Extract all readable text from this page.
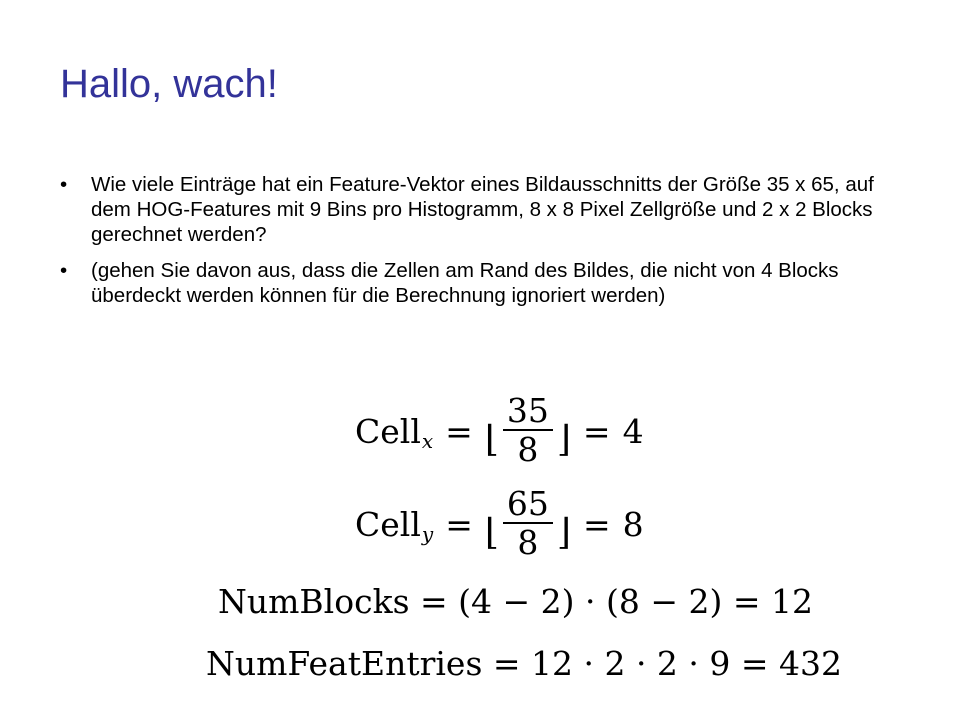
Hallo, wach!
• Wie viele Einträge hat ein Feature-Vektor eines Bildausschnitts der Größe 35 x 65, auf dem HOG-Features mit 9 Bins pro Histogramm, 8 x 8 Pixel Zellgröße und 2 x 2 Blocks gerechnet werden?
• (gehen Sie davon aus, dass die Zellen am Rand des Bildes, die nicht von 4 Blocks überdeckt werden können für die Berechnung ignoriert werden)
Cell x = ⌊ $\frac{35}{8}$ ⌋ = 4
Cell y = ⌊ $\frac{65}{8}$ ⌋ = 8
NumBlocks = (4 − 2) · (8 − 2) = 12
NumFeatEntries = 12 · 2 · 2 · 9 = 432
